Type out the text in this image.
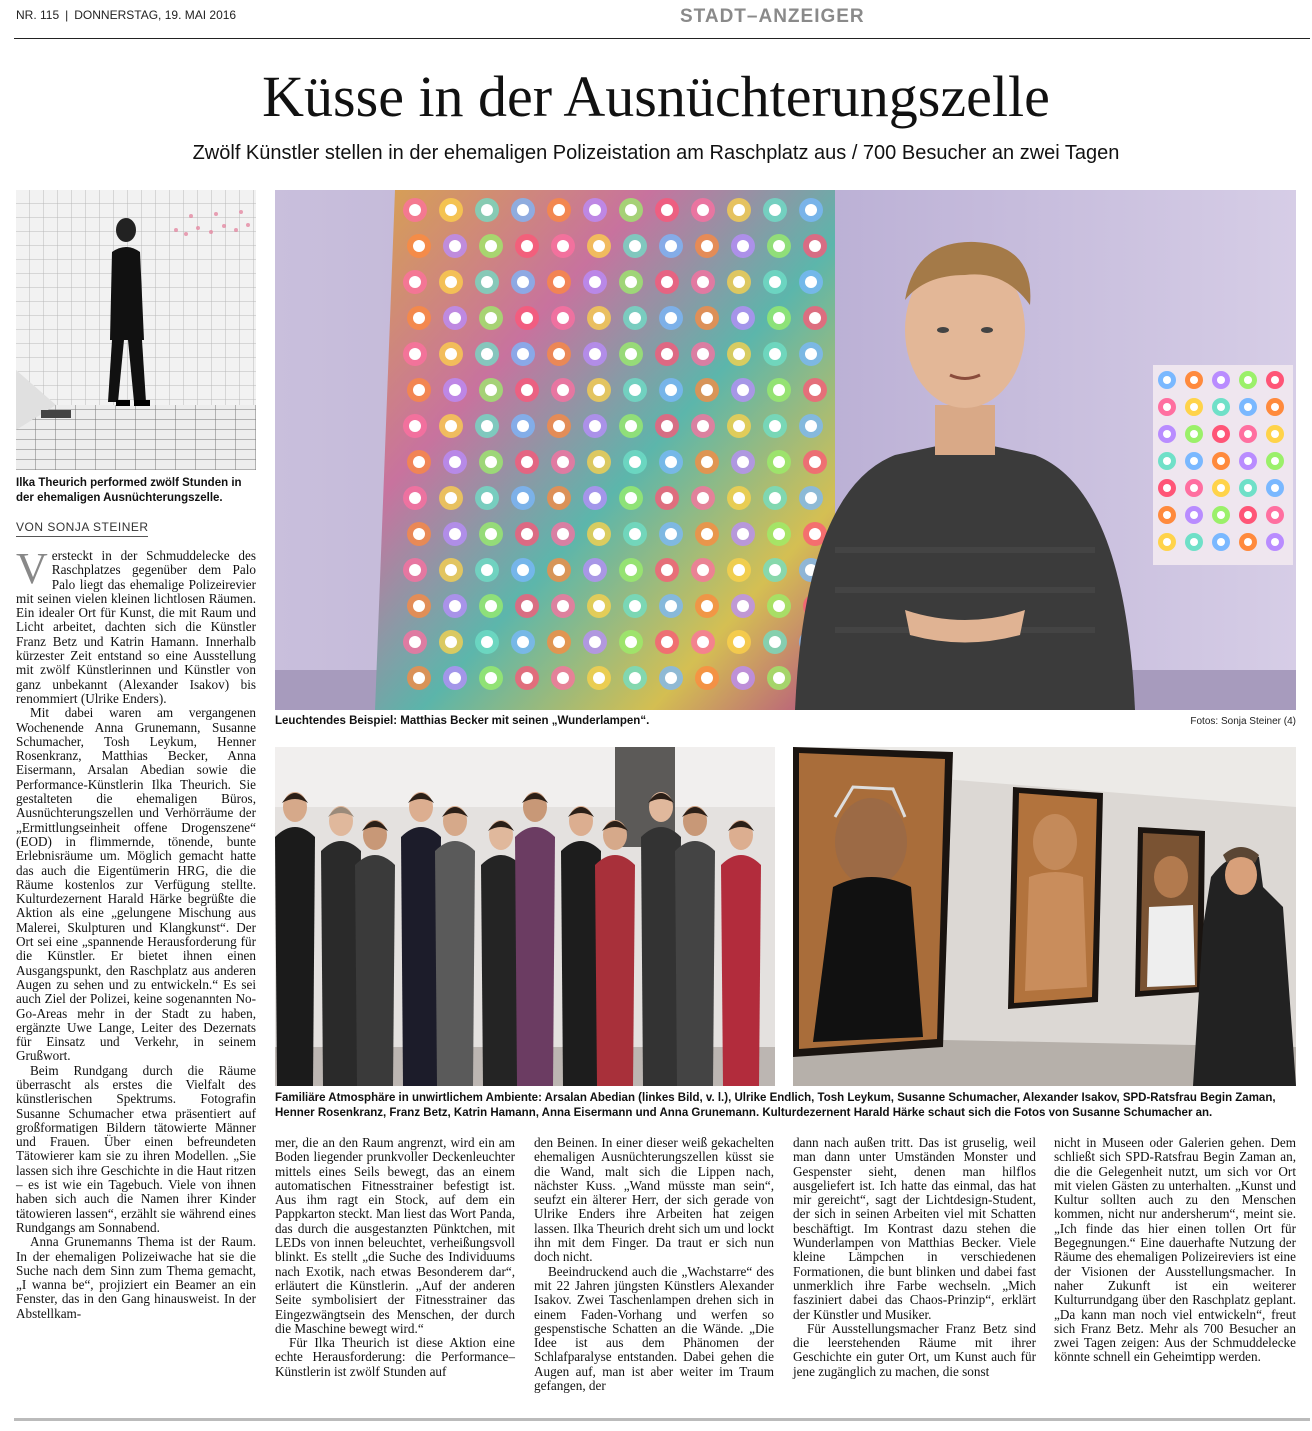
NR. 115 | DONNERSTAG, 19. MAI 2016	STADT–ANZEIGER
Küsse in der Ausnüchterungszelle
Zwölf Künstler stellen in der ehemaligen Polizeistation am Raschplatz aus / 700 Besucher an zwei Tagen
Ilka Theurich performed zwölf Stunden in der ehemaligen Ausnüchterungszelle.
Leuchtendes Beispiel: Matthias Becker mit seinen „Wunderlampen“.	Fotos: Sonja Steiner (4)
Familiäre Atmosphäre in unwirtlichem Ambiente: Arsalan Abedian (linkes Bild, v. l.), Ulrike Endlich, Tosh Leykum, Susanne Schumacher, Alexander Isakov, SPD-Ratsfrau Begin Zaman, Henner Rosenkranz, Franz Betz, Katrin Hamann, Anna Eisermann und Anna Grunemann. Kulturdezernent Harald Härke schaut sich die Fotos von Susanne Schumacher an.
VON SONJA STEINER

Versteckt in der Schmuddelecke des Raschplatzes gegenüber dem Palo Palo liegt das ehemalige Polizeirevier mit seinen vielen kleinen lichtlosen Räumen. Ein idealer Ort für Kunst, die mit Raum und Licht arbeitet, dachten sich die Künstler Franz Betz und Katrin Hamann. Innerhalb kürzester Zeit entstand so eine Ausstellung mit zwölf Künstlerinnen und Künstler von ganz unbekannt (Alexander Isakov) bis renommiert (Ulrike Enders).

Mit dabei waren am vergangenen Wochenende Anna Grunemann, Susanne Schumacher, Tosh Leykum, Henner Rosenkranz, Matthias Becker, Anna Eisermann, Arsalan Abedian sowie die Performance-Künstlerin Ilka Theurich. Sie gestalteten die ehemaligen Büros, Ausnüchterungszellen und Verhörräume der „Ermittlungseinheit offene Drogenszene“ (EOD) in flimmernde, tönende, bunte Erlebnisräume um. Möglich gemacht hatte das auch die Eigentümerin HRG, die die Räume kostenlos zur Verfügung stellte. Kulturdezernent Harald Härke begrüßte die Aktion als eine „gelungene Mischung aus Malerei, Skulpturen und Klangkunst“. Der Ort sei eine „spannende Herausforderung für die Künstler. Er bietet ihnen einen Ausgangspunkt, den Raschplatz aus anderen Augen zu sehen und zu entwickeln.“ Es sei auch Ziel der Polizei, keine sogenannten No-Go-Areas mehr in der Stadt zu haben, ergänzte Uwe Lange, Leiter des Dezernats für Einsatz und Verkehr, in seinem Grußwort.

Beim Rundgang durch die Räume überrascht als erstes die Vielfalt des künstlerischen Spektrums. Fotografin Susanne Schumacher etwa präsentiert auf großformatigen Bildern tätowierte Männer und Frauen. Über einen befreundeten Tätowierer kam sie zu ihren Modellen. „Sie lassen sich ihre Geschichte in die Haut ritzen – es ist wie ein Tagebuch. Viele von ihnen haben sich auch die Namen ihrer Kinder tätowieren lassen“, erzählt sie während eines Rundgangs am Sonnabend.

Anna Grunemanns Thema ist der Raum. In der ehemaligen Polizeiwache hat sie die Suche nach dem Sinn zum Thema gemacht, „I wanna be“, projiziert ein Beamer an ein Fenster, das in den Gang hinausweist. In der Abstellkam-

mer, die an den Raum angrenzt, wird ein am Boden liegender prunkvoller Deckenleuchter mittels eines Seils bewegt, das an einem automatischen Fitnesstrainer befestigt ist. Aus ihm ragt ein Stock, auf dem ein Pappkarton steckt. Man liest das Wort Panda, das durch die ausgestanzten Pünktchen, mit LEDs von innen beleuchtet, verheißungsvoll blinkt. Es stellt „die Suche des Individuums nach Exotik, nach etwas Besonderem dar“, erläutert die Künstlerin. „Auf der anderen Seite symbolisiert der Fitnesstrainer das Eingezwängtsein des Menschen, der durch die Maschine bewegt wird.“

Für Ilka Theurich ist diese Aktion eine echte Herausforderung: die Performance–Künstlerin ist zwölf Stunden auf

den Beinen. In einer dieser weiß gekachelten ehemaligen Ausnüchterungszellen küsst sie die Wand, malt sich die Lippen nach, nächster Kuss. „Wand müsste man sein“, seufzt ein älterer Herr, der sich gerade von Ulrike Enders ihre Arbeiten hat zeigen lassen. Ilka Theurich dreht sich um und lockt ihn mit dem Finger. Da traut er sich nun doch nicht.

Beeindruckend auch die „Wachstarre“ des mit 22 Jahren jüngsten Künstlers Alexander Isakov. Zwei Taschenlampen drehen sich in einem Faden-Vorhang und werfen so gespenstische Schatten an die Wände. „Die Idee ist aus dem Phänomen der Schlafparalyse entstanden. Dabei gehen die Augen auf, man ist aber weiter im Traum gefangen, der

dann nach außen tritt. Das ist gruselig, weil man dann unter Umständen Monster und Gespenster sieht, denen man hilflos ausgeliefert ist. Ich hatte das einmal, das hat mir gereicht“, sagt der Lichtdesign-Student, der sich in seinen Arbeiten viel mit Schatten beschäftigt. Im Kontrast dazu stehen die Wunderlampen von Matthias Becker. Viele kleine Lämpchen in verschiedenen Formationen, die bunt blinken und dabei fast unmerklich ihre Farbe wechseln. „Mich fasziniert dabei das Chaos-Prinzip“, erklärt der Künstler und Musiker.

Für Ausstellungsmacher Franz Betz sind die leerstehenden Räume mit ihrer Geschichte ein guter Ort, um Kunst auch für jene zugänglich zu machen, die sonst

nicht in Museen oder Galerien gehen. Dem schließt sich SPD-Ratsfrau Begin Zaman an, die die Gelegenheit nutzt, um sich vor Ort mit vielen Gästen zu unterhalten. „Kunst und Kultur sollten auch zu den Menschen kommen, nicht nur andersherum“, meint sie. „Ich finde das hier einen tollen Ort für Begegnungen.“ Eine dauerhafte Nutzung der Räume des ehemaligen Polizeireviers ist eine der Visionen der Ausstellungsmacher. In naher Zukunft ist ein weiterer Kulturrundgang über den Raschplatz geplant. „Da kann man noch viel entwickeln“, freut sich Franz Betz. Mehr als 700 Besucher an zwei Tagen zeigen: Aus der Schmuddelecke könnte schnell ein Geheimtipp werden.
